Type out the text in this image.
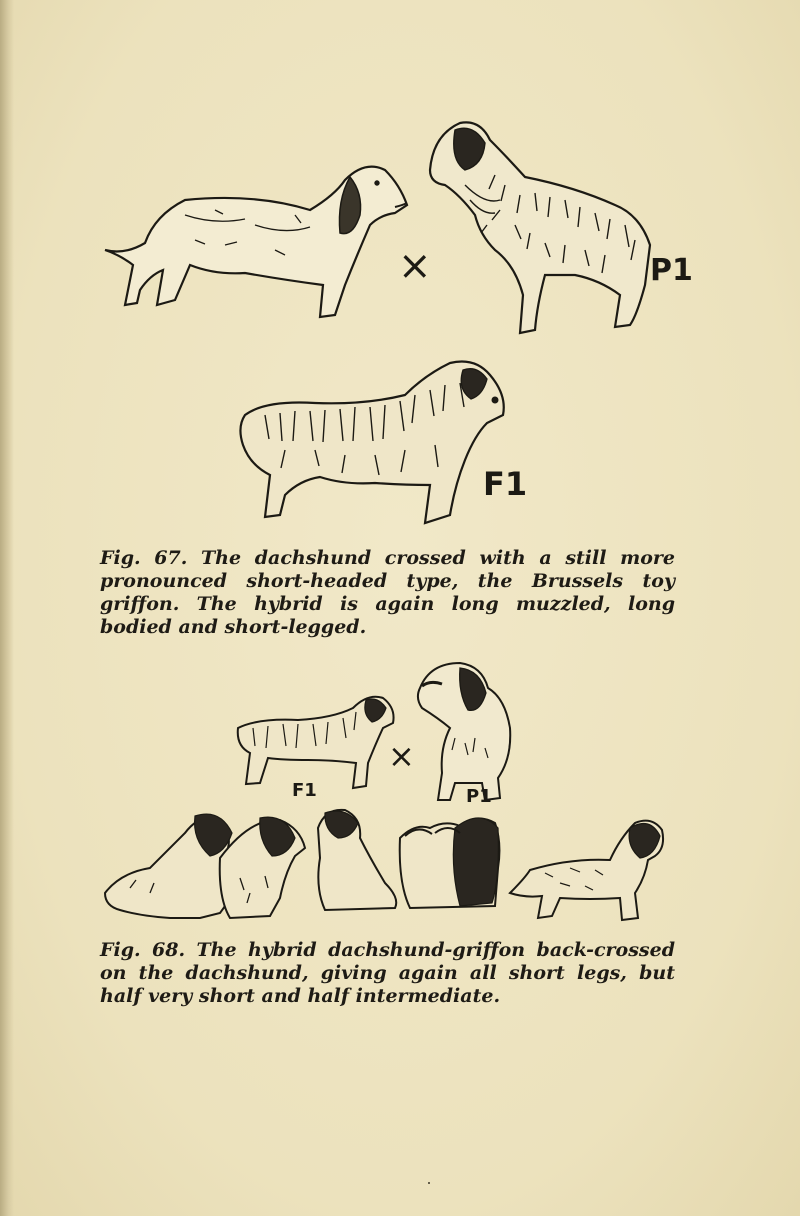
×	P1
F1

Fig. 67. The dachshund crossed with a still more pronounced short-headed type, the Brussels toy griffon. The hybrid is again long muzzled, long bodied and short-legged.

F1
×
P1

Fig. 68. The hybrid dachshund-griffon back-crossed on the dachshund, giving again all short legs, but half very short and half intermediate.
